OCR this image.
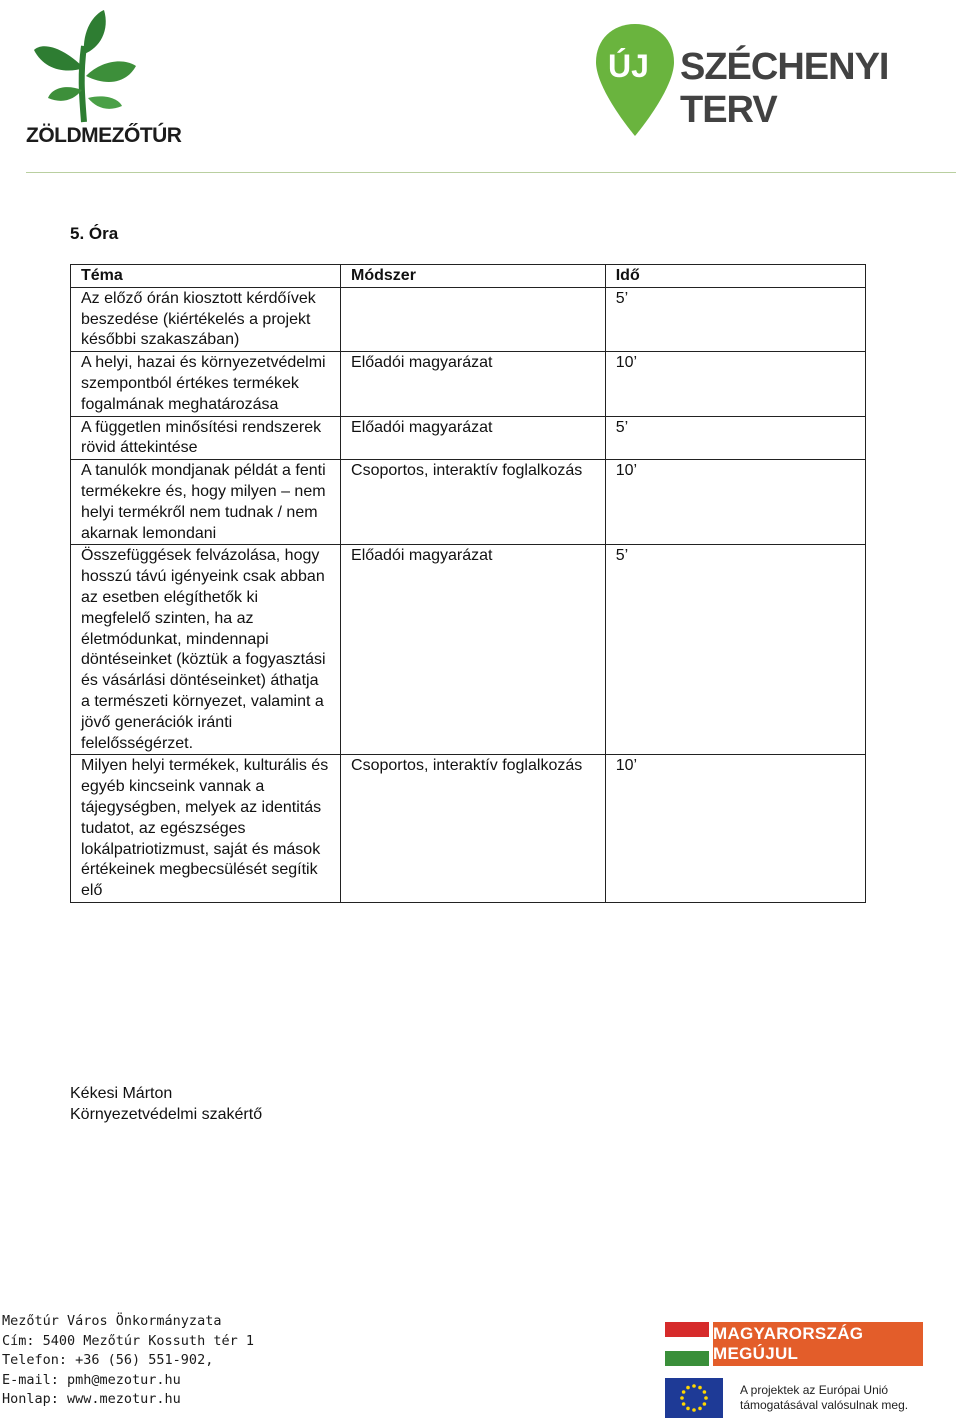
ZÖLDMEZŐTÚR
ÚJ SZÉCHENYI TERV
5. Óra
Téma	Módszer	Idő
Az előző órán kiosztott kérdőívek beszedése (kiértékelés a projekt későbbi szakaszában)		5’
A helyi, hazai és környezetvédelmi szempontból értékes termékek fogalmának meghatározása	Előadói magyarázat	10’
A független minősítési rendszerek rövid áttekintése	Előadói magyarázat	5’
A tanulók mondjanak példát a fenti termékekre és, hogy milyen – nem helyi termékről nem tudnak / nem akarnak lemondani	Csoportos, interaktív foglalkozás	10’
Összefüggések felvázolása, hogy hosszú távú igényeink csak abban az esetben elégíthetők ki megfelelő szinten, ha az életmódunkat, mindennapi döntéseinket (köztük a fogyasztási és vásárlási döntéseinket) áthatja a természeti környezet, valamint a jövő generációk iránti felelősségérzet.	Előadói magyarázat	5’
Milyen helyi termékek, kulturális és egyéb kincseink vannak a tájegységben, melyek az identitás tudatot, az egészséges lokálpatriotizmust, saját és mások értékeinek megbecsülését segítik elő	Csoportos, interaktív foglalkozás	10’
Kékesi Márton
Környezetvédelmi szakértő
Mezőtúr Város Önkormányzata
Cím: 5400 Mezőtúr Kossuth tér 1
Telefon: +36 (56) 551-902,
E-mail: pmh@mezotur.hu
Honlap: www.mezotur.hu
MAGYARORSZÁG MEGÚJUL
A projektek az Európai Unió
támogatásával valósulnak meg.
